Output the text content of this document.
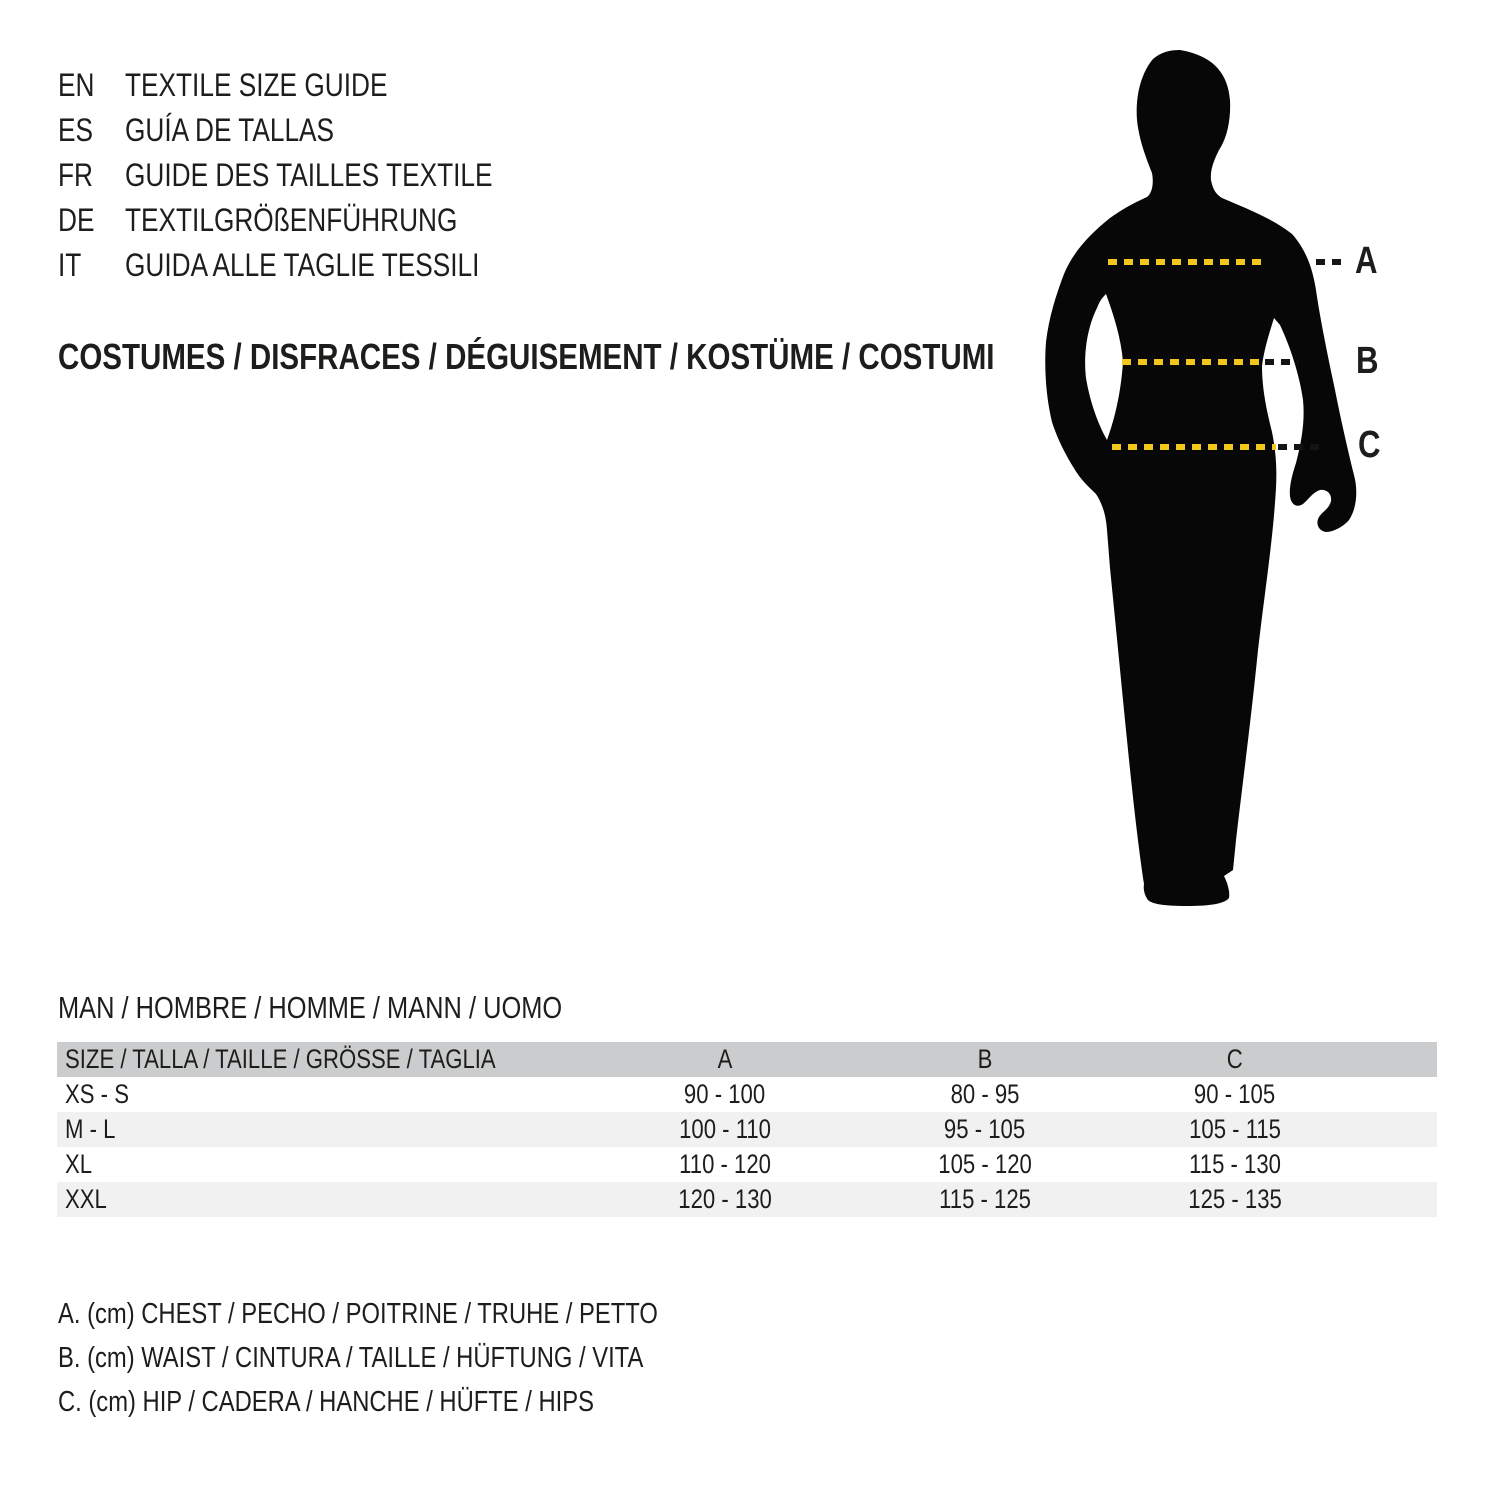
EN TEXTILE SIZE GUIDE
ES GUÍA DE TALLAS
FR	GUIDE DES TAILLES TEXTILE
DE TEXTILGRÖßENFÜHRUNG
IT	GUIDA ALLE TAGLIE TESSILI
COSTUMES / DISFRACES / DÉGUISEMENT / KOSTÜME / COSTUMI
A
B
C
MAN / HOMBRE / HOMME / MANN / UOMO
SIZE / TALLA / TAILLE / GRÖSSE / TAGLIA	A	B	C
XS - S	90 - 100	80 - 95	90 - 105
M - L	100 - 110	95 - 105	105 - 115
XL	110 - 120	105 - 120	115 - 130
XXL	120 - 130	115 - 125	125 - 135
A. (cm) CHEST / PECHO / POITRINE / TRUHE / PETTO
B. (cm) WAIST / CINTURA / TAILLE / HÜFTUNG / VITA
C. (cm) HIP / CADERA / HANCHE / HÜFTE / HIPS
